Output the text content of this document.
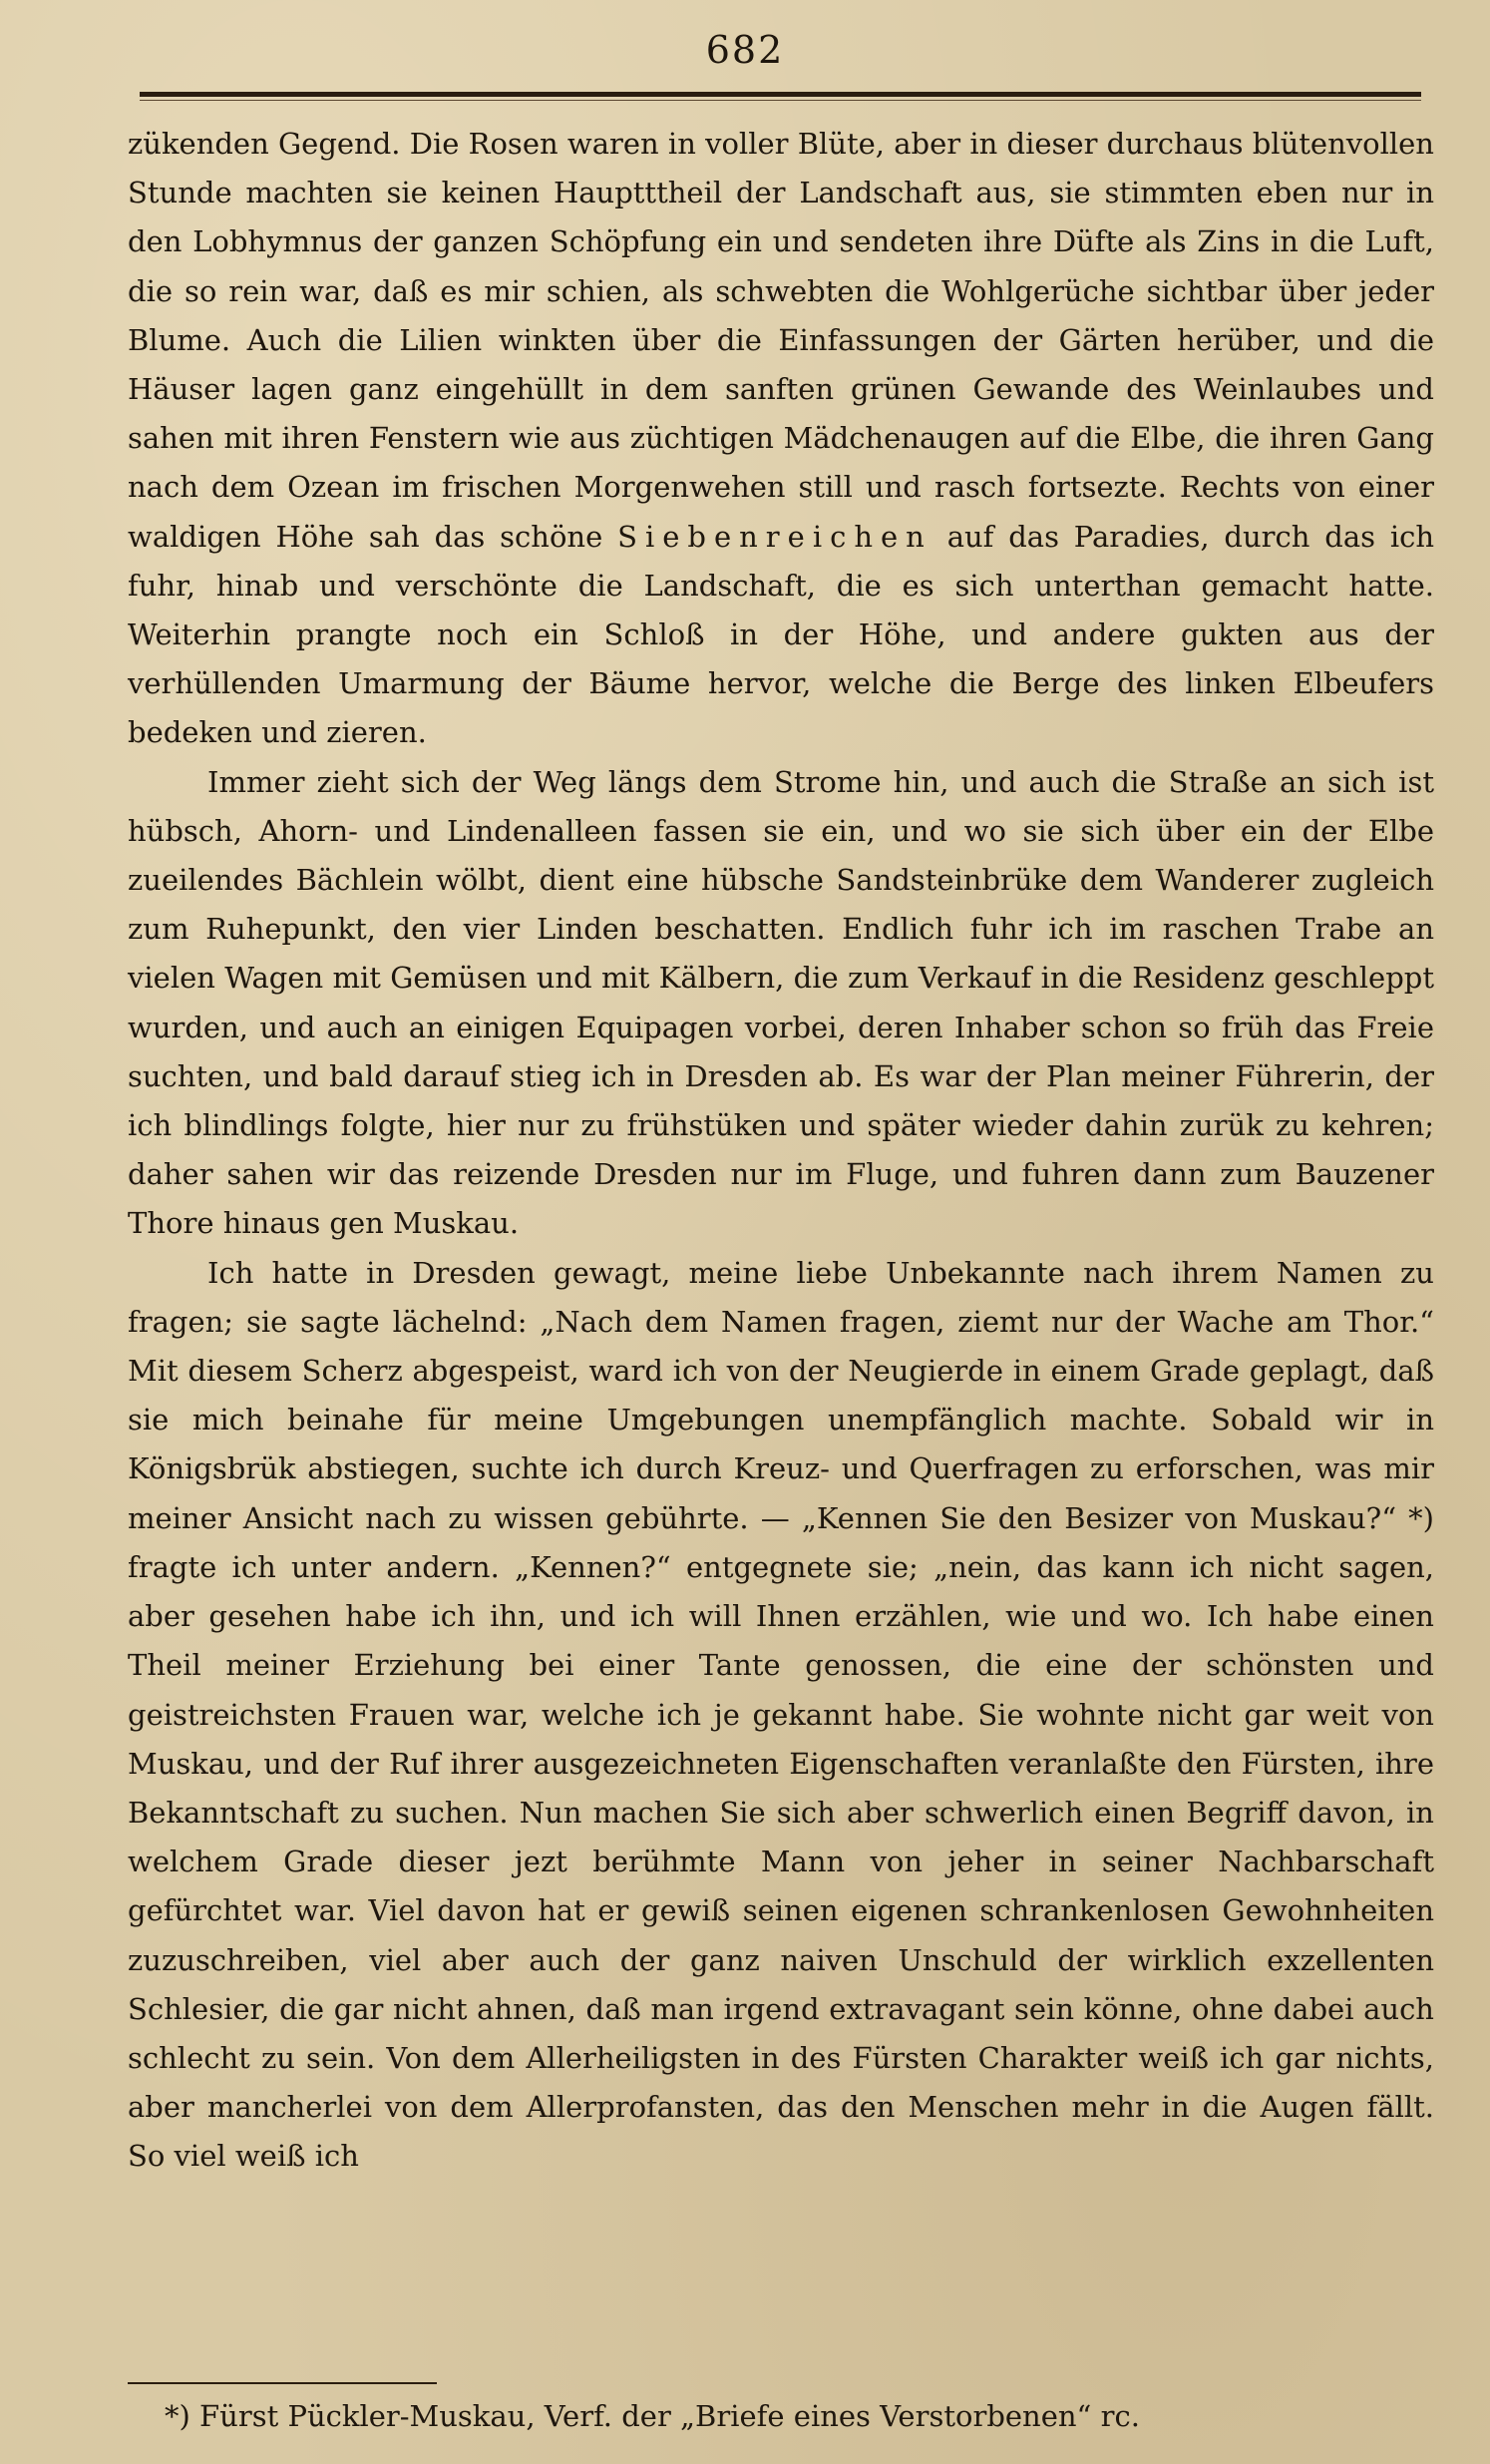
682

zükenden Gegend. Die Rosen waren in voller Blüte, aber in dieser durchaus blütenvollen Stunde machten sie keinen Hauptttheil der Landschaft aus, sie stimmten eben nur in den Lobhymnus der ganzen Schöpfung ein und sendeten ihre Düfte als Zins in die Luft, die so rein war, daß es mir schien, als schwebten die Wohlgerüche sichtbar über jeder Blume. Auch die Lilien winkten über die Einfassungen der Gärten herüber, und die Häuser lagen ganz eingehüllt in dem sanften grünen Gewande des Weinlaubes und sahen mit ihren Fenstern wie aus züchtigen Mädchenaugen auf die Elbe, die ihren Gang nach dem Ozean im frischen Morgenwehen still und rasch fortsezte. Rechts von einer waldigen Höhe sah das schöne Siebenreichen auf das Paradies, durch das ich fuhr, hinab und verschönte die Landschaft, die es sich unterthan gemacht hatte. Weiterhin prangte noch ein Schloß in der Höhe, und andere gukten aus der verhüllenden Umarmung der Bäume hervor, welche die Berge des linken Elbeufers bedeken und zieren.

Immer zieht sich der Weg längs dem Strome hin, und auch die Straße an sich ist hübsch, Ahorn- und Lindenalleen fassen sie ein, und wo sie sich über ein der Elbe zueilendes Bächlein wölbt, dient eine hübsche Sandsteinbrüke dem Wanderer zugleich zum Ruhepunkt, den vier Linden beschatten. Endlich fuhr ich im raschen Trabe an vielen Wagen mit Gemüsen und mit Kälbern, die zum Verkauf in die Residenz geschleppt wurden, und auch an einigen Equipagen vorbei, deren Inhaber schon so früh das Freie suchten, und bald darauf stieg ich in Dresden ab. Es war der Plan meiner Führerin, der ich blindlings folgte, hier nur zu frühstüken und später wieder dahin zurük zu kehren; daher sahen wir das reizende Dresden nur im Fluge, und fuhren dann zum Bauzener Thore hinaus gen Muskau.

Ich hatte in Dresden gewagt, meine liebe Unbekannte nach ihrem Namen zu fragen; sie sagte lächelnd: „Nach dem Namen fragen, ziemt nur der Wache am Thor.“ Mit diesem Scherz abgespeist, ward ich von der Neugierde in einem Grade geplagt, daß sie mich beinahe für meine Umgebungen unempfänglich machte. Sobald wir in Königsbrük abstiegen, suchte ich durch Kreuz- und Querfragen zu erforschen, was mir meiner Ansicht nach zu wissen gebührte. — „Kennen Sie den Besizer von Muskau?“ *) fragte ich unter andern. „Kennen?“ entgegnete sie; „nein, das kann ich nicht sagen, aber gesehen habe ich ihn, und ich will Ihnen erzählen, wie und wo. Ich habe einen Theil meiner Erziehung bei einer Tante genossen, die eine der schönsten und geistreichsten Frauen war, welche ich je gekannt habe. Sie wohnte nicht gar weit von Muskau, und der Ruf ihrer ausgezeichneten Eigenschaften veranlaßte den Fürsten, ihre Bekanntschaft zu suchen. Nun machen Sie sich aber schwerlich einen Begriff davon, in welchem Grade dieser jezt berühmte Mann von jeher in seiner Nachbarschaft gefürchtet war. Viel davon hat er gewiß seinen eigenen schrankenlosen Gewohnheiten zuzuschreiben, viel aber auch der ganz naiven Unschuld der wirklich exzellenten Schlesier, die gar nicht ahnen, daß man irgend extravagant sein könne, ohne dabei auch schlecht zu sein. Von dem Allerheiligsten in des Fürsten Charakter weiß ich gar nichts, aber mancherlei von dem Allerprofansten, das den Menschen mehr in die Augen fällt. So viel weiß ich

*) Fürst Pückler-Muskau, Verf. der „Briefe eines Verstorbenen“ rc.
